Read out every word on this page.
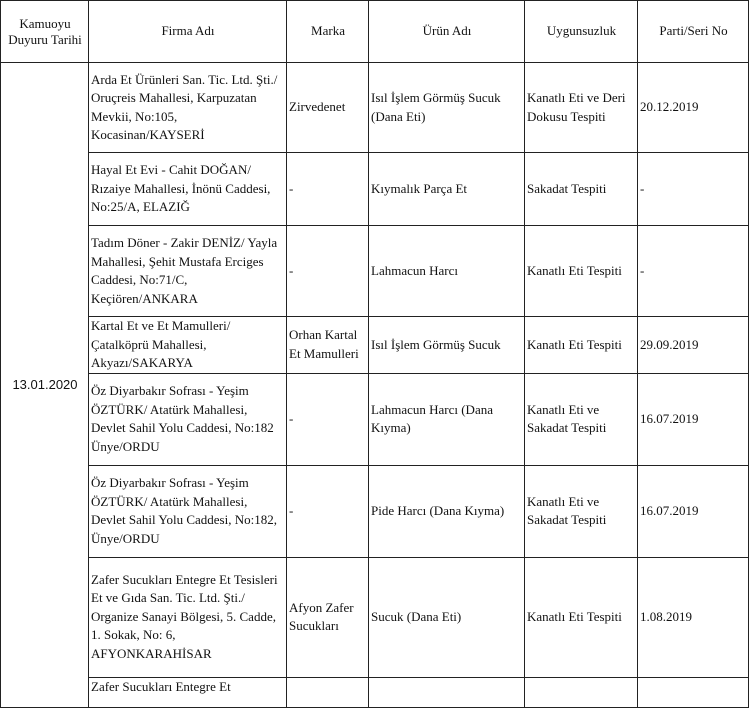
Kamuoyu Duyuru Tarihi	Firma Adı	Marka	Ürün Adı	Uygunsuzluk	Parti/Seri No
13.01.2020	Arda Et Ürünleri San. Tic. Ltd. Şti./ Oruçreis Mahallesi, Karpuzatan Mevkii, No:105, Kocasinan/KAYSERİ	Zirvedenet	Isıl İşlem Görmüş Sucuk (Dana Eti)	Kanatlı Eti ve Deri Dokusu Tespiti	20.12.2019
	Hayal Et Evi - Cahit DOĞAN/ Rızaiye Mahallesi, İnönü Caddesi, No:25/A, ELAZIĞ	-	Kıymalık Parça Et	Sakadat Tespiti	-
	Tadım Döner - Zakir DENİZ/ Yayla Mahallesi, Şehit Mustafa Erciges Caddesi, No:71/C, Keçiören/ANKARA	-	Lahmacun Harcı	Kanatlı Eti Tespiti	-
	Kartal Et ve Et Mamulleri/ Çatalköprü Mahallesi, Akyazı/SAKARYA	Orhan Kartal Et Mamulleri	Isıl İşlem Görmüş Sucuk	Kanatlı Eti Tespiti	29.09.2019
	Öz Diyarbakır Sofrası - Yeşim ÖZTÜRK/ Atatürk Mahallesi, Devlet Sahil Yolu Caddesi, No:182 Ünye/ORDU	-	Lahmacun Harcı (Dana Kıyma)	Kanatlı Eti ve Sakadat Tespiti	16.07.2019
	Öz Diyarbakır Sofrası - Yeşim ÖZTÜRK/ Atatürk Mahallesi, Devlet Sahil Yolu Caddesi, No:182, Ünye/ORDU	-	Pide Harcı (Dana Kıyma)	Kanatlı Eti ve Sakadat Tespiti	16.07.2019
	Zafer Sucukları Entegre Et Tesisleri Et ve Gıda San. Tic. Ltd. Şti./ Organize Sanayi Bölgesi, 5. Cadde, 1. Sokak, No: 6, AFYONKARAHİSAR	Afyon Zafer Sucukları	Sucuk (Dana Eti)	Kanatlı Eti Tespiti	1.08.2019
	Zafer Sucukları Entegre Et				
